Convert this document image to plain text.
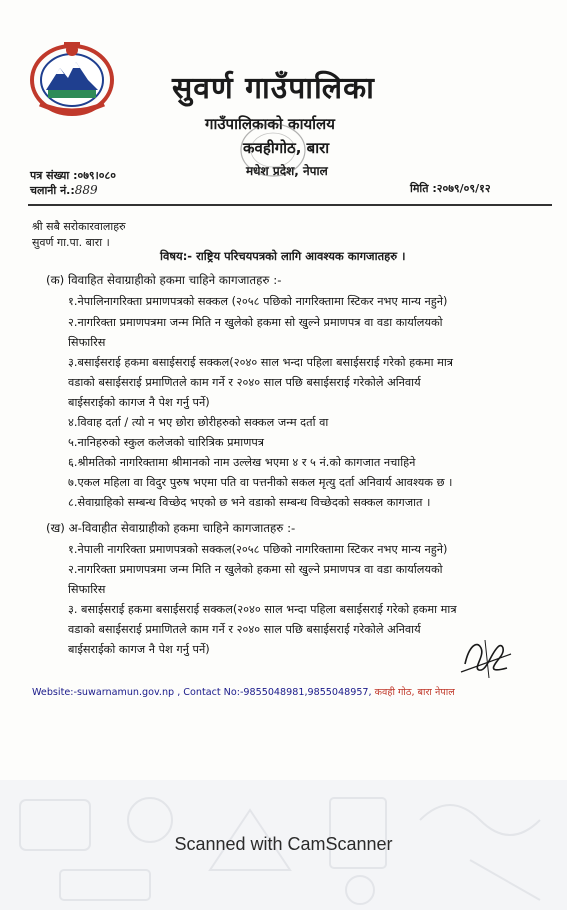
सुवर्ण गाउँपालिका
गाउँपालिकाको कार्यालय
कवहीगोठ, बारा
मधेश प्रदेश, नेपाल
पत्र संख्या :०७९।०८०
चलानी नं.:889	मिति :२०७९/०९/१२
श्री सबै सरोकारवालाहरु
सुवर्ण गा.पा. बारा ।
विषय:- राष्ट्रिय परिचयपत्रको लागि आवश्यक कागजातहरु ।
(क) विवाहित सेवाग्राहीको हकमा चाहिने कागजातहरु :-
१.नेपालिनागरिक्ता प्रमाणपत्रको सक्कल (२०५८ पछिको नागरिक्तामा स्टिकर नभए मान्य नहुने)
२.नागरिक्ता प्रमाणपत्रमा जन्म मिति न खुलेको हकमा सो खुल्ने प्रमाणपत्र वा वडा कार्यालयको
सिफारिस
३.बसाईसराई हकमा बसाईसराई सक्कल(२०४० साल भन्दा पहिला बसाईसराई गरेको हकमा मात्र
वडाको बसाईसराई प्रमाणितले काम गर्ने र २०४० साल पछि बसाईसराई गरेकोले अनिवार्य
बाईसराईको कागज नै पेश गर्नु पर्ने)
४.विवाह दर्ता / त्यो न भए छोरा छोरीहरुको सक्कल जन्म दर्ता वा
५.नानिहरुको स्कुल कलेजको चारित्रिक प्रमाणपत्र
६.श्रीमतिको नागरिक्तामा श्रीमानको नाम उल्लेख भएमा ४ र ५ नं.को कागजात नचाहिने
७.एकल महिला वा विदुर पुरुष भएमा पति वा पत्तनीको सकल मृत्यु दर्ता अनिवार्य आवश्यक छ ।
८.सेवाग्राहिको सम्बन्ध विच्छेद भएको छ भने वडाको सम्बन्ध विच्छेदको सक्कल कागजात ।
(ख) अ-विवाहीत सेवाग्राहीको हकमा चाहिने कागजातहरु :-
१.नेपाली नागरिक्ता प्रमाणपत्रको सक्कल(२०५८ पछिको नागरिक्तामा स्टिकर नभए मान्य नहुने)
२.नागरिक्ता प्रमाणपत्रमा जन्म मिति न खुलेको हकमा सो खुल्ने प्रमाणपत्र वा वडा कार्यालयको
सिफारिस
३. बसाईसराई हकमा बसाईसराई सक्कल(२०४० साल भन्दा पहिला बसाईसराई गरेको हकमा मात्र
वडाको बसाईसराई प्रमाणितले काम गर्ने र २०४० साल पछि बसाईसराई गरेकोले अनिवार्य
बाईसराईको कागज नै पेश गर्नु पर्ने)
Website:-suwarnamun.gov.np , Contact No:-9855048981,9855048957, कवही गोठ, बारा नेपाल
Scanned with CamScanner
